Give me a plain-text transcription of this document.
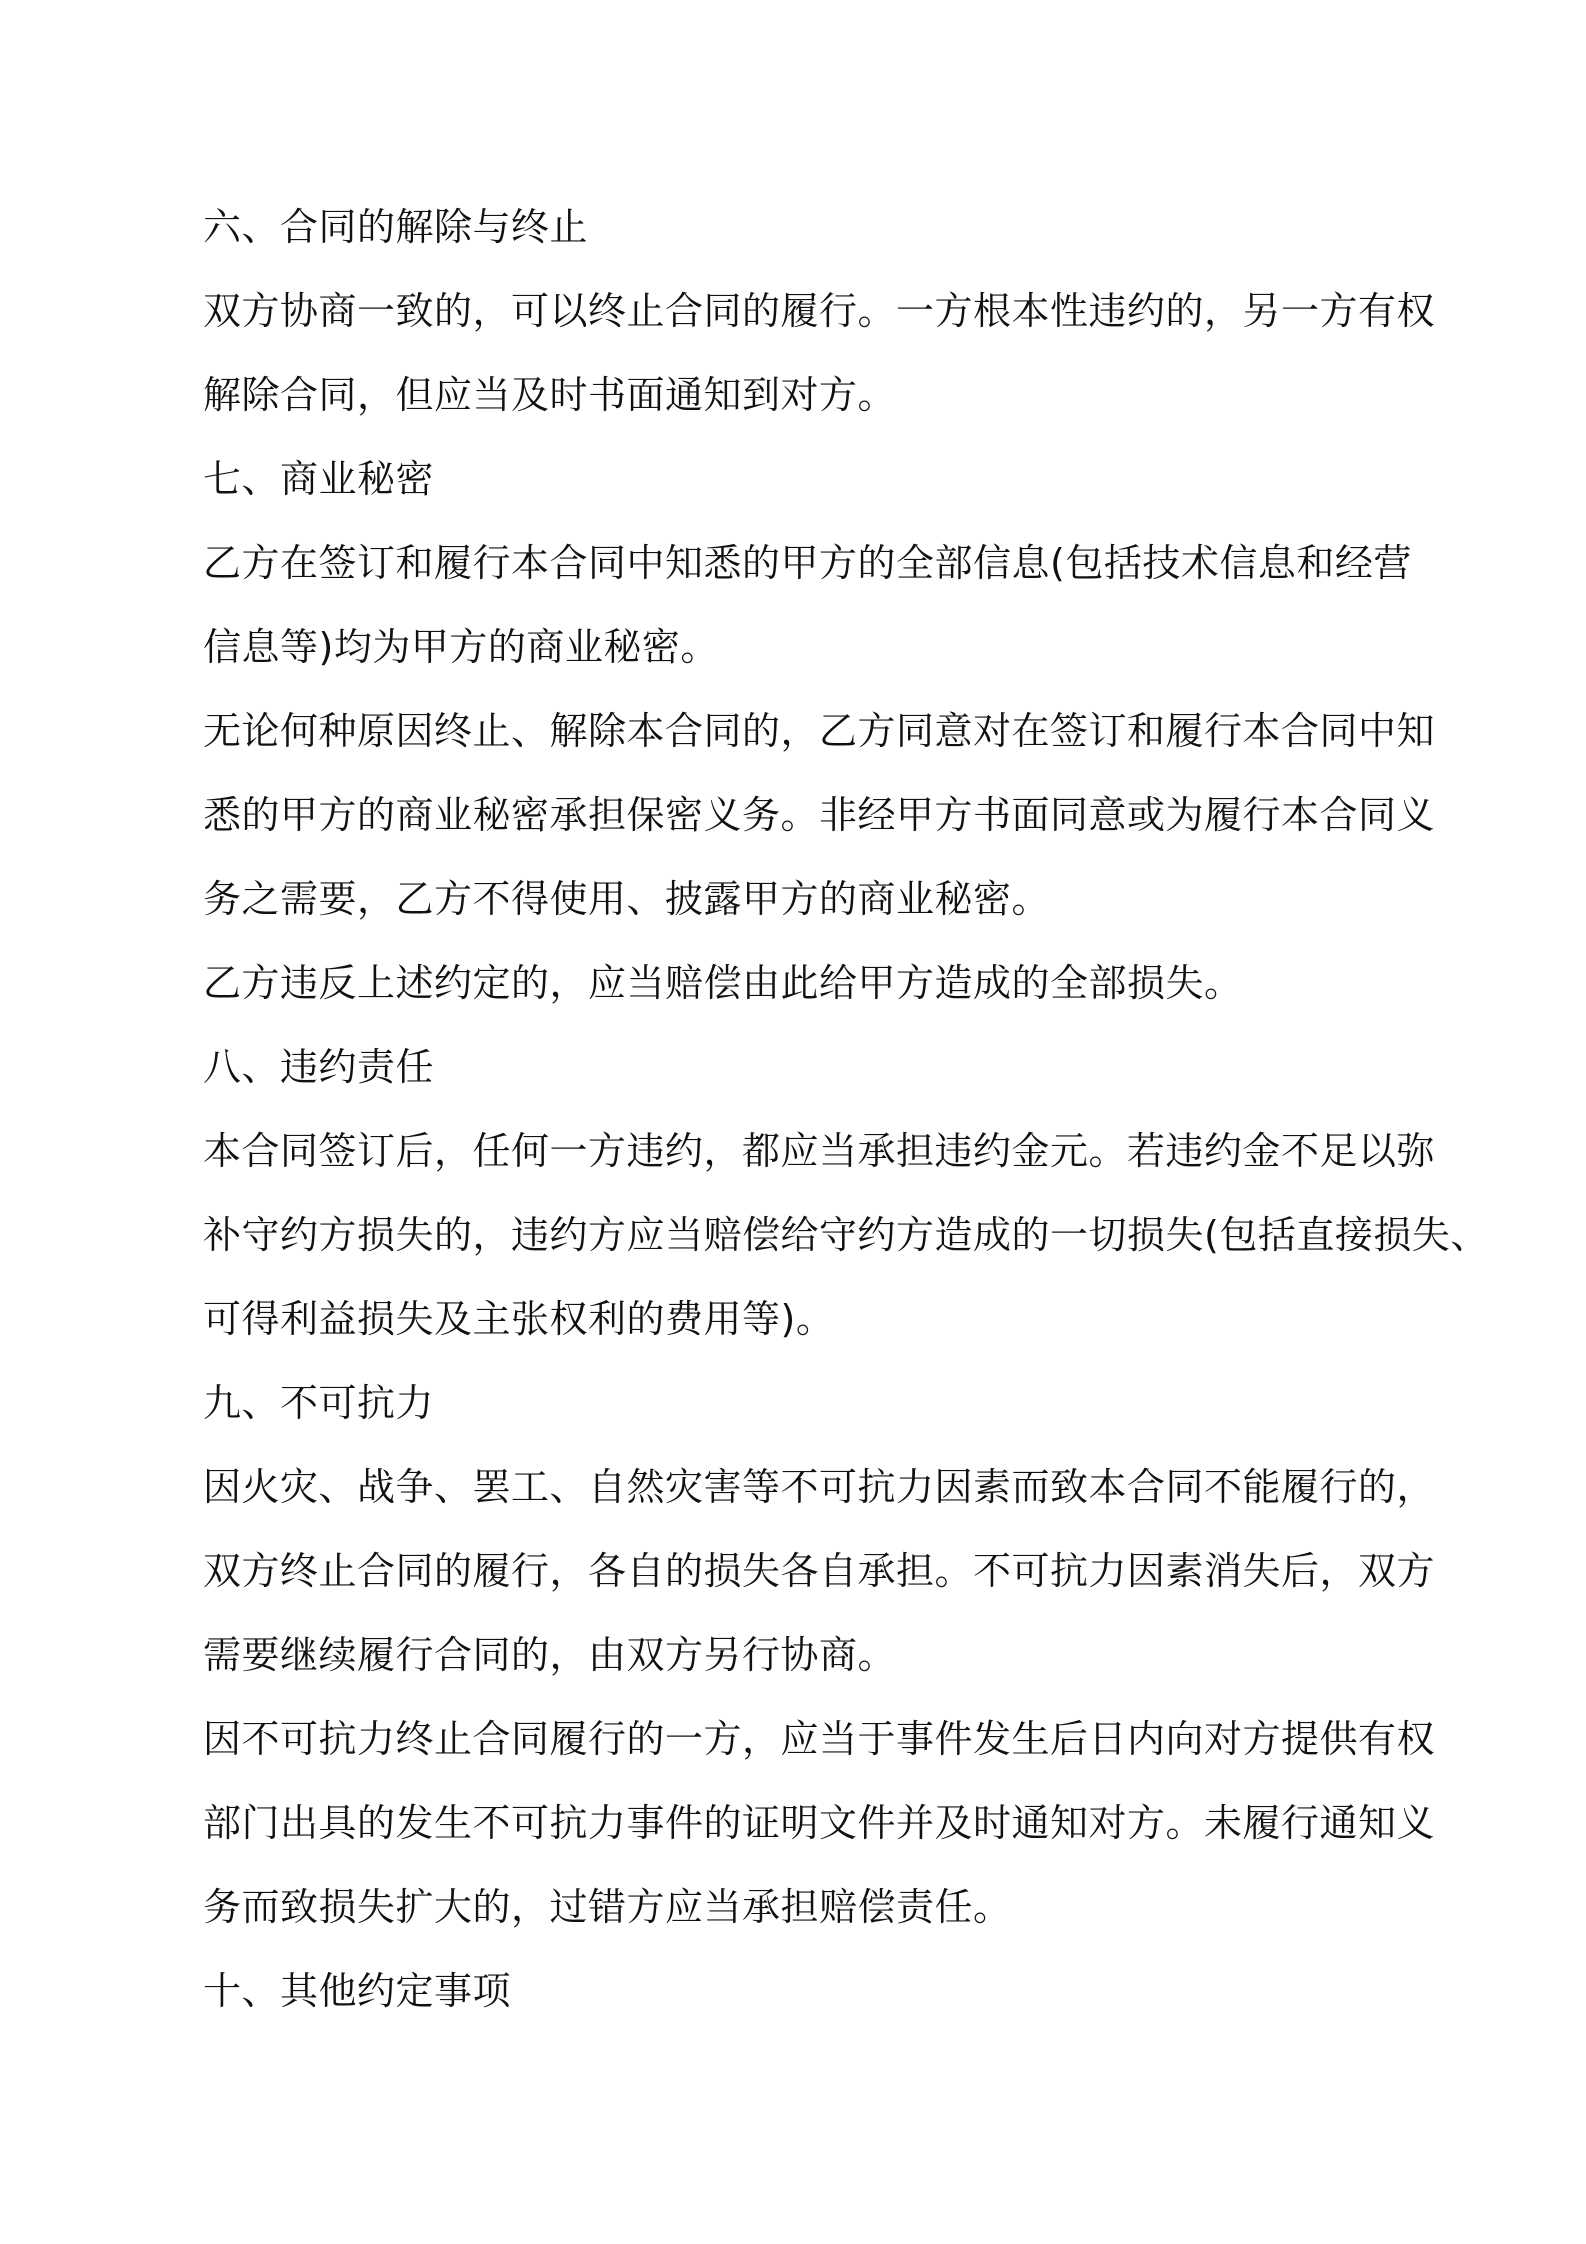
六、合同的解除与终止
双方协商一致的，可以终止合同的履行。一方根本性违约的，另一方有权
解除合同，但应当及时书面通知到对方。
七、商业秘密
乙方在签订和履行本合同中知悉的甲方的全部信息(包括技术信息和经营
信息等)均为甲方的商业秘密。
无论何种原因终止、解除本合同的，乙方同意对在签订和履行本合同中知
悉的甲方的商业秘密承担保密义务。非经甲方书面同意或为履行本合同义
务之需要，乙方不得使用、披露甲方的商业秘密。
乙方违反上述约定的，应当赔偿由此给甲方造成的全部损失。
八、违约责任
本合同签订后，任何一方违约，都应当承担违约金元。若违约金不足以弥
补守约方损失的，违约方应当赔偿给守约方造成的一切损失(包括直接损失、
可得利益损失及主张权利的费用等)。
九、不可抗力
因火灾、战争、罢工、自然灾害等不可抗力因素而致本合同不能履行的，
双方终止合同的履行，各自的损失各自承担。不可抗力因素消失后，双方
需要继续履行合同的，由双方另行协商。
因不可抗力终止合同履行的一方，应当于事件发生后日内向对方提供有权
部门出具的发生不可抗力事件的证明文件并及时通知对方。未履行通知义
务而致损失扩大的，过错方应当承担赔偿责任。
十、其他约定事项
